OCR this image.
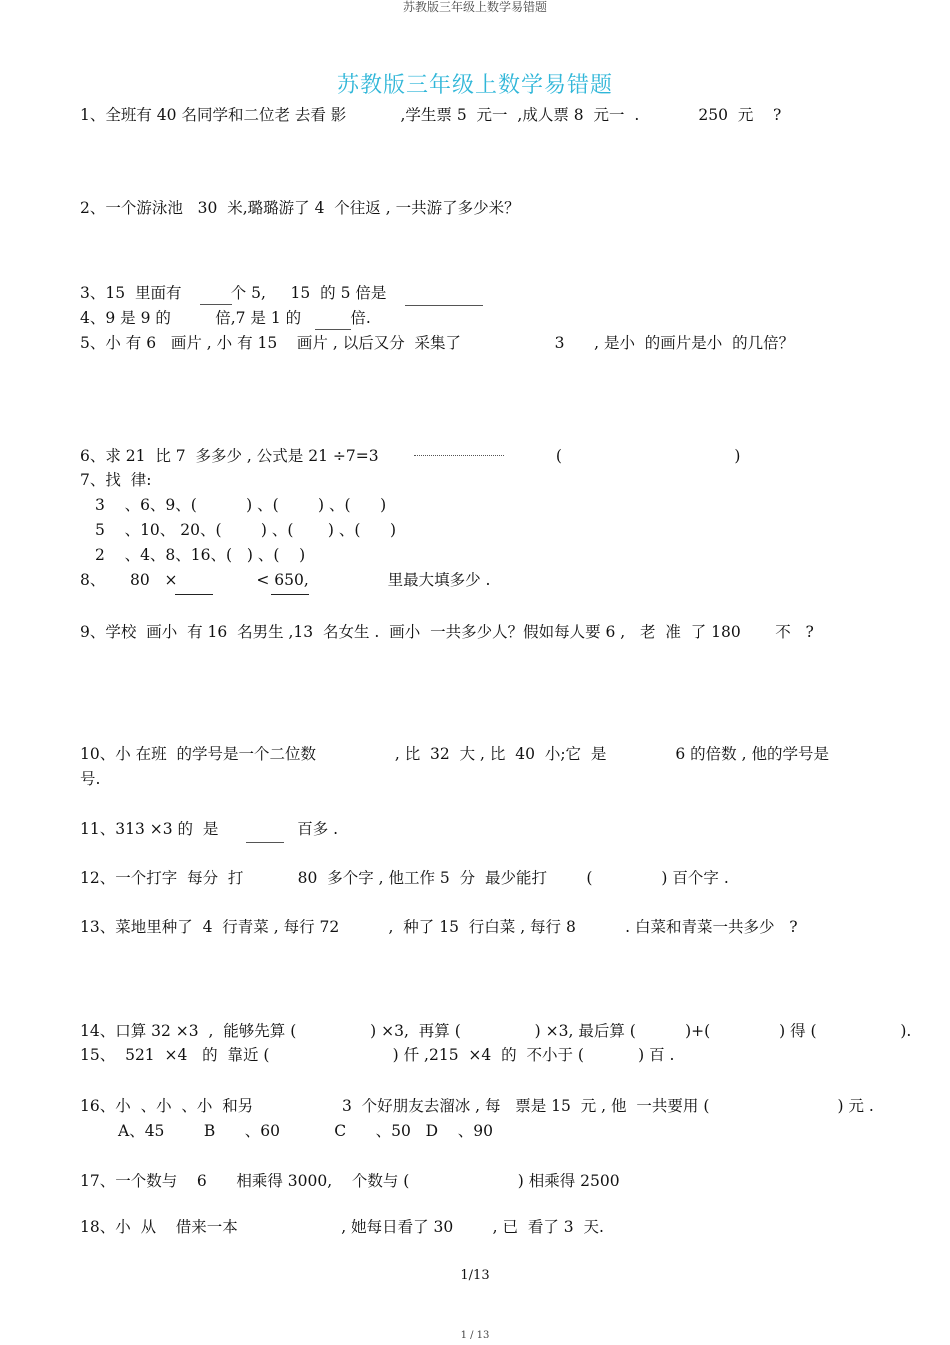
苏教版三年级上数学易错题
苏教版三年级上数学易错题
1、全班有 40 名同学和二位老 去看 影           ,学生票 5  元一  ,成人票 8  元一  .            250  元    ?
2、一个游泳池   30  米,璐璐游了 4  个往返 , 一共游了多少米？
3、15  里面有          个 5,     15  的 5 倍是
4、9 是 9 的         倍,7 是 1 的          倍.
5、小 有 6   画片 , 小 有 15    画片 , 以后又分  采集了                   3      , 是小  的画片是小  的几倍？
6、求 21  比 7  多多少 , 公式是 21 ÷7=3                                    (                                   )
7、找  律:
3    、6、9、(          ) 、(        ) 、(      )
5    、10、 20、(        ) 、(       ) 、(      )
2    、4、8、16、(   ) 、(    )
8、     80   ×                < 650,                里最大填多少 .
9、学校  画小  有 16  名男生 ,13  名女生 .  画小  一共多少人？假如每人要 6 ,   老  准  了 180       不   ?
10、小 在班  的学号是一个二位数                , 比  32  大 , 比  40  小;它  是              6 的倍数 , 他的学号是
号.
11、313 ×3 的  是                百多 .
12、一个打字  每分  打           80  多个字 , 他工作 5  分  最少能打        (              ) 百个字 .
13、菜地里种了  4  行青菜 , 每行 72          ,  种了 15  行白菜 , 每行 8          . 白菜和青菜一共多少   ?
14、口算 32 ×3  ,  能够先算 (               ) ×3,  再算 (               ) ×3, 最后算 (          )+(              ) 得 (                 ).
15、  521  ×4   的  靠近 (                         ) 仟 ,215  ×4  的  不小于 (           ) 百 .
16、小  、小  、小  和另                  3  个好朋友去溜冰 , 每   票是 15  元 , 他  一共要用 (                          ) 元 .
A、45        B      、60           C      、50   D    、90
17、一个数与    6      相乘得 3000,    个数与 (                      ) 相乘得 2500
18、小  从    借来一本                     , 她每日看了 30        , 已  看了 3  天.
1/13
1 / 13
